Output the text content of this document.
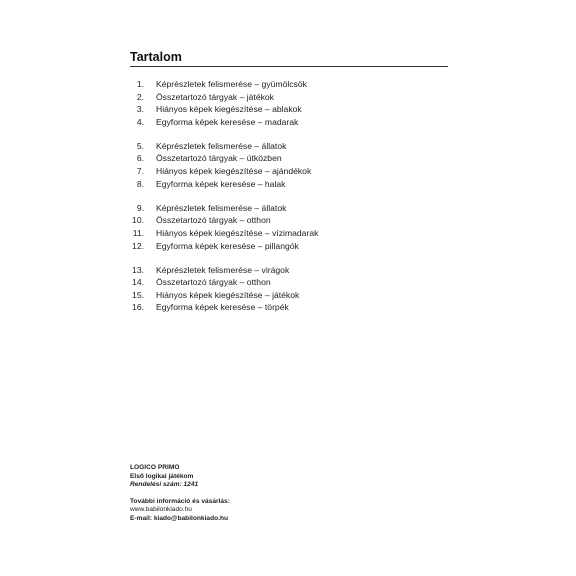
Tartalom
1. Képrészletek felismerése – gyümölcsök
2. Összetartozó tárgyak – játékok
3. Hiányos képek kiegészítése – ablakok
4. Egyforma képek keresése – madarak
5. Képrészletek felismerése – állatok
6. Összetartozó tárgyak – útközben
7. Hiányos képek kiegészítése – ajándékok
8. Egyforma képek keresése – halak
9. Képrészletek felismerése – állatok
10. Összetartozó tárgyak – otthon
11. Hiányos képek kiegészítése – vízimadarak
12. Egyforma képek keresése – pillangók
13. Képrészletek felismerése – virágok
14. Összetartozó tárgyak – otthon
15. Hiányos képek kiegészítése – játékok
16. Egyforma képek keresése – törpék
LOGICO PRIMO
Első logikai játékom
Rendelési szám: 1241
További információ és vásárlás:
www.babilonkiado.hu
E-mail: kiado@babilonkiado.hu
